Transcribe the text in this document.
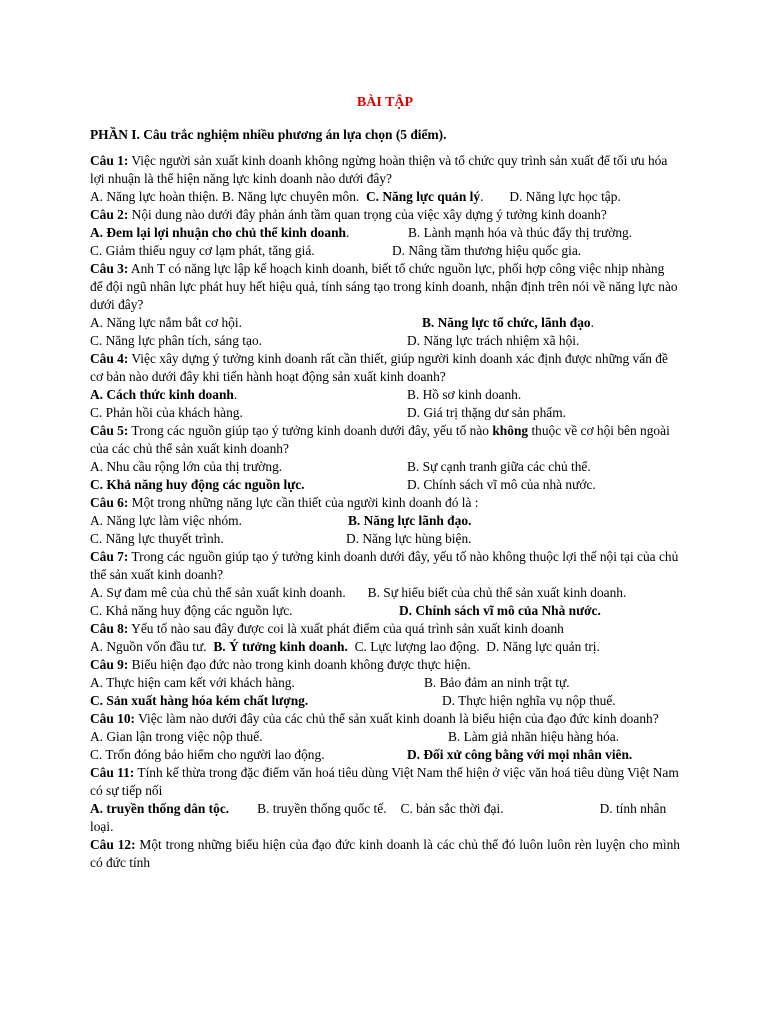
BÀI TẬP
PHẦN I. Câu trắc nghiệm nhiều phương án lựa chọn (5 điểm).
Câu 1: Việc người sản xuất kinh doanh không ngừng hoàn thiện và tổ chức quy trình sản xuất để tối ưu hóa lợi nhuận là thể hiện năng lực kinh doanh nào dưới đây?
A. Năng lực hoàn thiện. B. Năng lực chuyên môn. C. Năng lực quản lý. D. Năng lực học tập.
Câu 2: Nội dung nào dưới đây phản ánh tầm quan trọng của việc xây dựng ý tưởng kinh doanh?
A. Đem lại lợi nhuận cho chủ thể kinh doanh.	B. Lành mạnh hóa và thúc đẩy thị trường.
C. Giảm thiểu nguy cơ lạm phát, tăng giá.	D. Nâng tầm thương hiệu quốc gia.
Câu 3: Anh T có năng lực lập kế hoạch kinh doanh, biết tổ chức nguồn lực, phối hợp công việc nhịp nhàng để đội ngũ nhân lực phát huy hết hiệu quả, tính sáng tạo trong kinh doanh, nhận định trên nói về năng lực nào dưới đây?
A. Năng lực nắm bắt cơ hội.	B. Năng lực tổ chức, lãnh đạo.
C. Năng lực phân tích, sáng tạo.	D. Năng lực trách nhiệm xã hội.
Câu 4: Việc xây dựng ý tưởng kinh doanh rất cần thiết, giúp người kinh doanh xác định được những vấn đề cơ bản nào dưới đây khi tiến hành hoạt động sản xuất kinh doanh?
A. Cách thức kinh doanh.	B. Hồ sơ kinh doanh.
C. Phản hồi của khách hàng.	D. Giá trị thặng dư sản phẩm.
Câu 5: Trong các nguồn giúp tạo ý tưởng kinh doanh dưới đây, yếu tố nào không thuộc về cơ hội bên ngoài của các chủ thể sản xuất kinh doanh?
A. Nhu cầu rộng lớn của thị trường.	B. Sự cạnh tranh giữa các chủ thể.
C. Khả năng huy động các nguồn lực.	D. Chính sách vĩ mô của nhà nước.
Câu 6: Một trong những năng lực cần thiết của người kinh doanh đó là :
A. Năng lực làm việc nhóm.	B. Năng lực lãnh đạo.
C. Năng lực thuyết trình.	D. Năng lực hùng biện.
Câu 7: Trong các nguồn giúp tạo ý tưởng kinh doanh dưới đây, yếu tố nào không thuộc lợi thế nội tại của chủ thể sản xuất kinh doanh?
A. Sự đam mê của chủ thể sản xuất kinh doanh. B. Sự hiểu biết của chủ thể sản xuất kinh doanh.
C. Khả năng huy động các nguồn lực.	D. Chính sách vĩ mô của Nhà nước.
Câu 8: Yếu tố nào sau đây được coi là xuất phát điểm của quá trình sản xuất kinh doanh
A. Nguồn vốn đầu tư.
B. Ý tưởng kinh doanh.
C. Lực lượng lao động.
D. Năng lực quản trị.
Câu 9: Biểu hiện đạo đức nào trong kinh doanh không được thực hiện.
A. Thực hiện cam kết với khách hàng.	B. Bảo đảm an ninh trật tự.
C. Sản xuất hàng hóa kém chất lượng.	D. Thực hiện nghĩa vụ nộp thuế.
Câu 10: Việc làm nào dưới đây của các chủ thể sản xuất kinh doanh là biểu hiện của đạo đức kinh doanh?
A. Gian lận trong việc nộp thuế.	B. Làm giả nhãn hiệu hàng hóa.
C. Trốn đóng bảo hiểm cho người lao động.	D. Đối xử công bằng với mọi nhân viên.
Câu 11: Tính kế thừa trong đặc điểm văn hoá tiêu dùng Việt Nam thể hiện ở việc văn hoá tiêu dùng Việt Nam có sự tiếp nối
A. truyền thống dân tộc. B. truyền thống quốc tế. C. bản sắc thời đại.	D. tính nhân loại.
Câu 12: Một trong những biểu hiện của đạo đức kinh doanh là các chủ thể đó luôn luôn rèn luyện cho mình có đức tính
